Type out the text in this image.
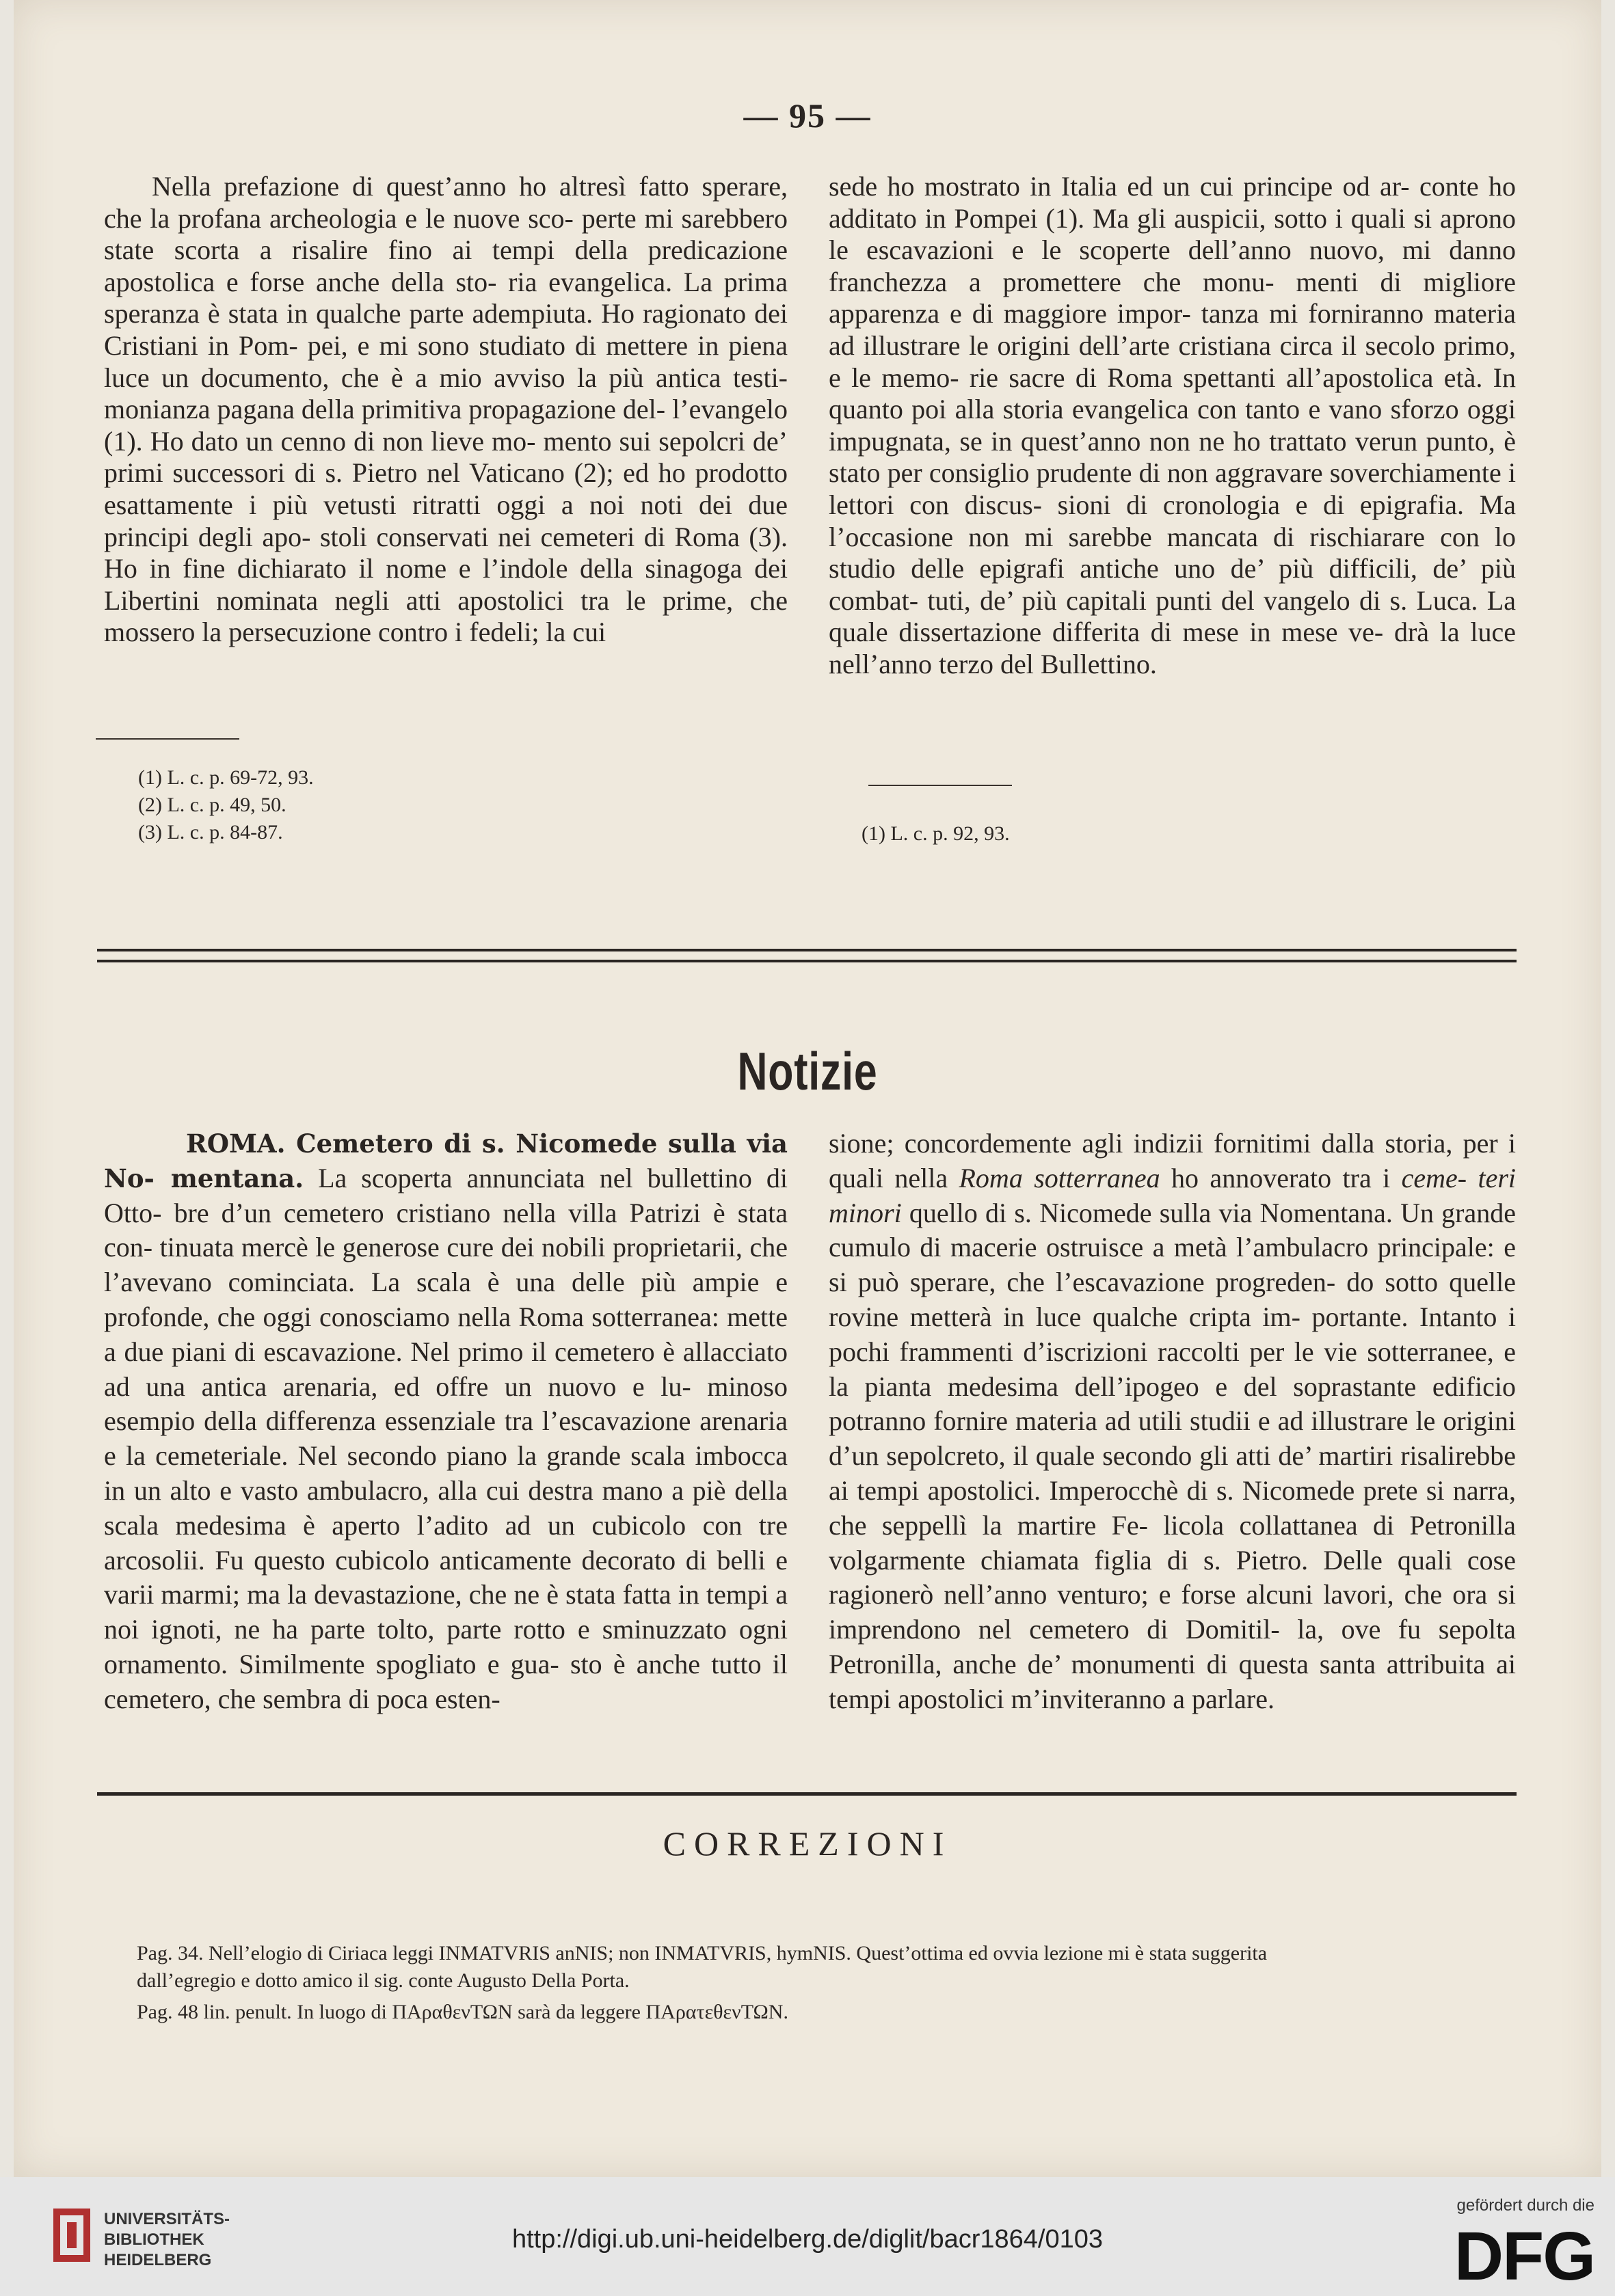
— 95 —

Nella prefazione di quest’anno ho altresì fatto sperare, che la profana archeologia e le nuove sco- perte mi sarebbero state scorta a risalire fino ai tempi della predicazione apostolica e forse anche della sto- ria evangelica. La prima speranza è stata in qualche parte adempiuta. Ho ragionato dei Cristiani in Pom- pei, e mi sono studiato di mettere in piena luce un documento, che è a mio avviso la più antica testi- monianza pagana della primitiva propagazione del- l’evangelo (1). Ho dato un cenno di non lieve mo- mento sui sepolcri de’ primi successori di s. Pietro nel Vaticano (2); ed ho prodotto esattamente i più vetusti ritratti oggi a noi noti dei due principi degli apo- stoli conservati nei cemeteri di Roma (3). Ho in fine dichiarato il nome e l’indole della sinagoga dei Libertini nominata negli atti apostolici tra le prime, che mossero la persecuzione contro i fedeli; la cui

sede ho mostrato in Italia ed un cui principe od ar- conte ho additato in Pompei (1). Ma gli auspicii, sotto i quali si aprono le escavazioni e le scoperte dell’anno nuovo, mi danno franchezza a promettere che monu- menti di migliore apparenza e di maggiore impor- tanza mi forniranno materia ad illustrare le origini dell’arte cristiana circa il secolo primo, e le memo- rie sacre di Roma spettanti all’apostolica età. In quanto poi alla storia evangelica con tanto e vano sforzo oggi impugnata, se in quest’anno non ne ho trattato verun punto, è stato per consiglio prudente di non aggravare soverchiamente i lettori con discus- sioni di cronologia e di epigrafia. Ma l’occasione non mi sarebbe mancata di rischiarare con lo studio delle epigrafi antiche uno de’ più difficili, de’ più combat- tuti, de’ più capitali punti del vangelo di s. Luca. La quale dissertazione differita di mese in mese ve- drà la luce nell’anno terzo del Bullettino.

(1) L. c. p. 69-72, 93.
(2) L. c. p. 49, 50.
(3) L. c. p. 84-87.	(1) L. c. p. 92, 93.
Notizie

ROMA. Cemetero di s. Nicomede sulla via No- mentana. La scoperta annunciata nel bullettino di Otto- bre d’un cemetero cristiano nella villa Patrizi è stata con- tinuata mercè le generose cure dei nobili proprietarii, che l’avevano cominciata. La scala è una delle più ampie e profonde, che oggi conosciamo nella Roma sotterranea: mette a due piani di escavazione. Nel primo il cemetero è allacciato ad una antica arenaria, ed offre un nuovo e lu- minoso esempio della differenza essenziale tra l’escavazione arenaria e la cemeteriale. Nel secondo piano la grande scala imbocca in un alto e vasto ambulacro, alla cui destra mano a piè della scala medesima è aperto l’adito ad un cubicolo con tre arcosolii. Fu questo cubicolo anticamente decorato di belli e varii marmi; ma la devastazione, che ne è stata fatta in tempi a noi ignoti, ne ha parte tolto, parte rotto e sminuzzato ogni ornamento. Similmente spogliato e gua- sto è anche tutto il cemetero, che sembra di poca esten-

sione; concordemente agli indizii fornitimi dalla storia, per i quali nella Roma sotterranea ho annoverato tra i ceme- teri minori quello di s. Nicomede sulla via Nomentana. Un grande cumulo di macerie ostruisce a metà l’ambulacro principale: e si può sperare, che l’escavazione progreden- do sotto quelle rovine metterà in luce qualche cripta im- portante. Intanto i pochi frammenti d’iscrizioni raccolti per le vie sotterranee, e la pianta medesima dell’ipogeo e del soprastante edificio potranno fornire materia ad utili studii e ad illustrare le origini d’un sepolcreto, il quale secondo gli atti de’ martiri risalirebbe ai tempi apostolici. Imperocchè di s. Nicomede prete si narra, che seppellì la martire Fe- licola collattanea di Petronilla volgarmente chiamata figlia di s. Pietro. Delle quali cose ragionerò nell’anno venturo; e forse alcuni lavori, che ora si imprendono nel cemetero di Domitil- la, ove fu sepolta Petronilla, anche de’ monumenti di questa santa attribuita ai tempi apostolici m’inviteranno a parlare.

CORREZIONI
Pag. 34. Nell’elogio di Ciriaca leggi INMATVRIS anNIS; non INMATVRIS, hymNIS. Quest’ottima ed ovvia lezione mi è stata suggerita
dall’egregio e dotto amico il sig. conte Augusto Della Porta.
Pag. 48 lin. penult. In luogo di ΠΑραθενΤΩΝ sarà da leggere ΠΑρατεθενΤΩΝ.
UNIVERSITÄTS-
BIBLIOTHEK
HEIDELBERG
http://digi.ub.uni-heidelberg.de/diglit/bacr1864/0103
gefördert durch die
DFG
